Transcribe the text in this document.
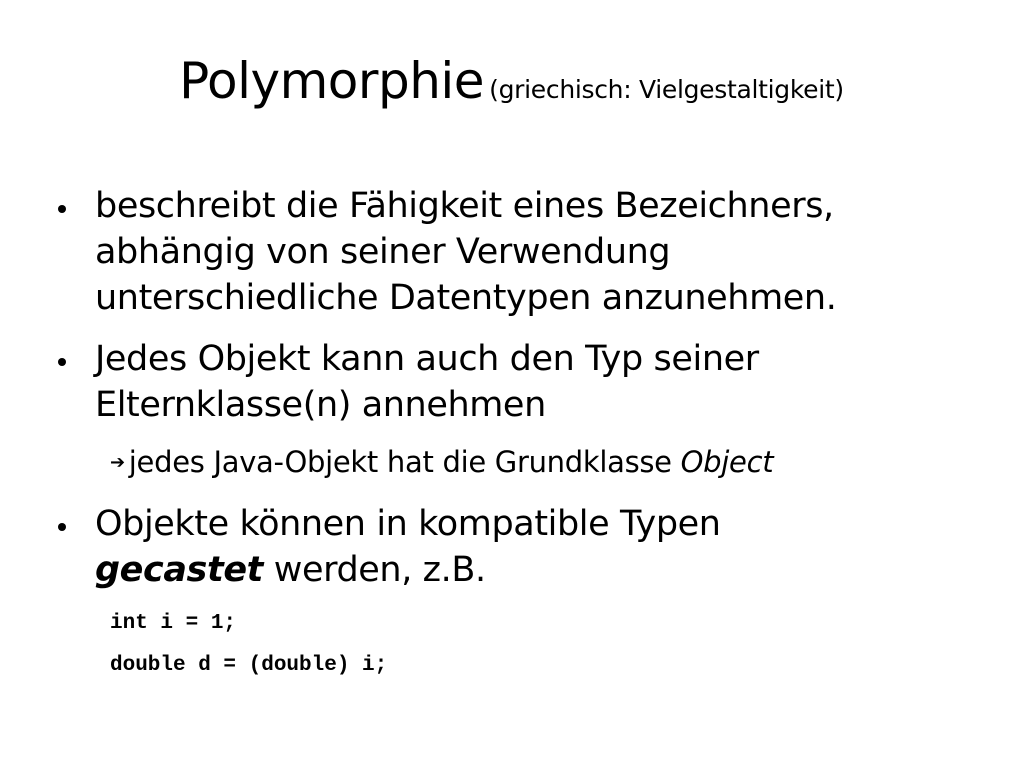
Polymorphie (griechisch: Vielgestaltigkeit)
beschreibt die Fähigkeit eines Bezeichners,
abhängig von seiner Verwendung
unterschiedliche Datentypen anzunehmen.
Jedes Objekt kann auch den Typ seiner
Elternklasse(n) annehmen
➔ jedes Java-Objekt hat die Grundklasse Object
Objekte können in kompatible Typen
gecastet werden, z.B.
int i = 1;
double d = (double) i;
